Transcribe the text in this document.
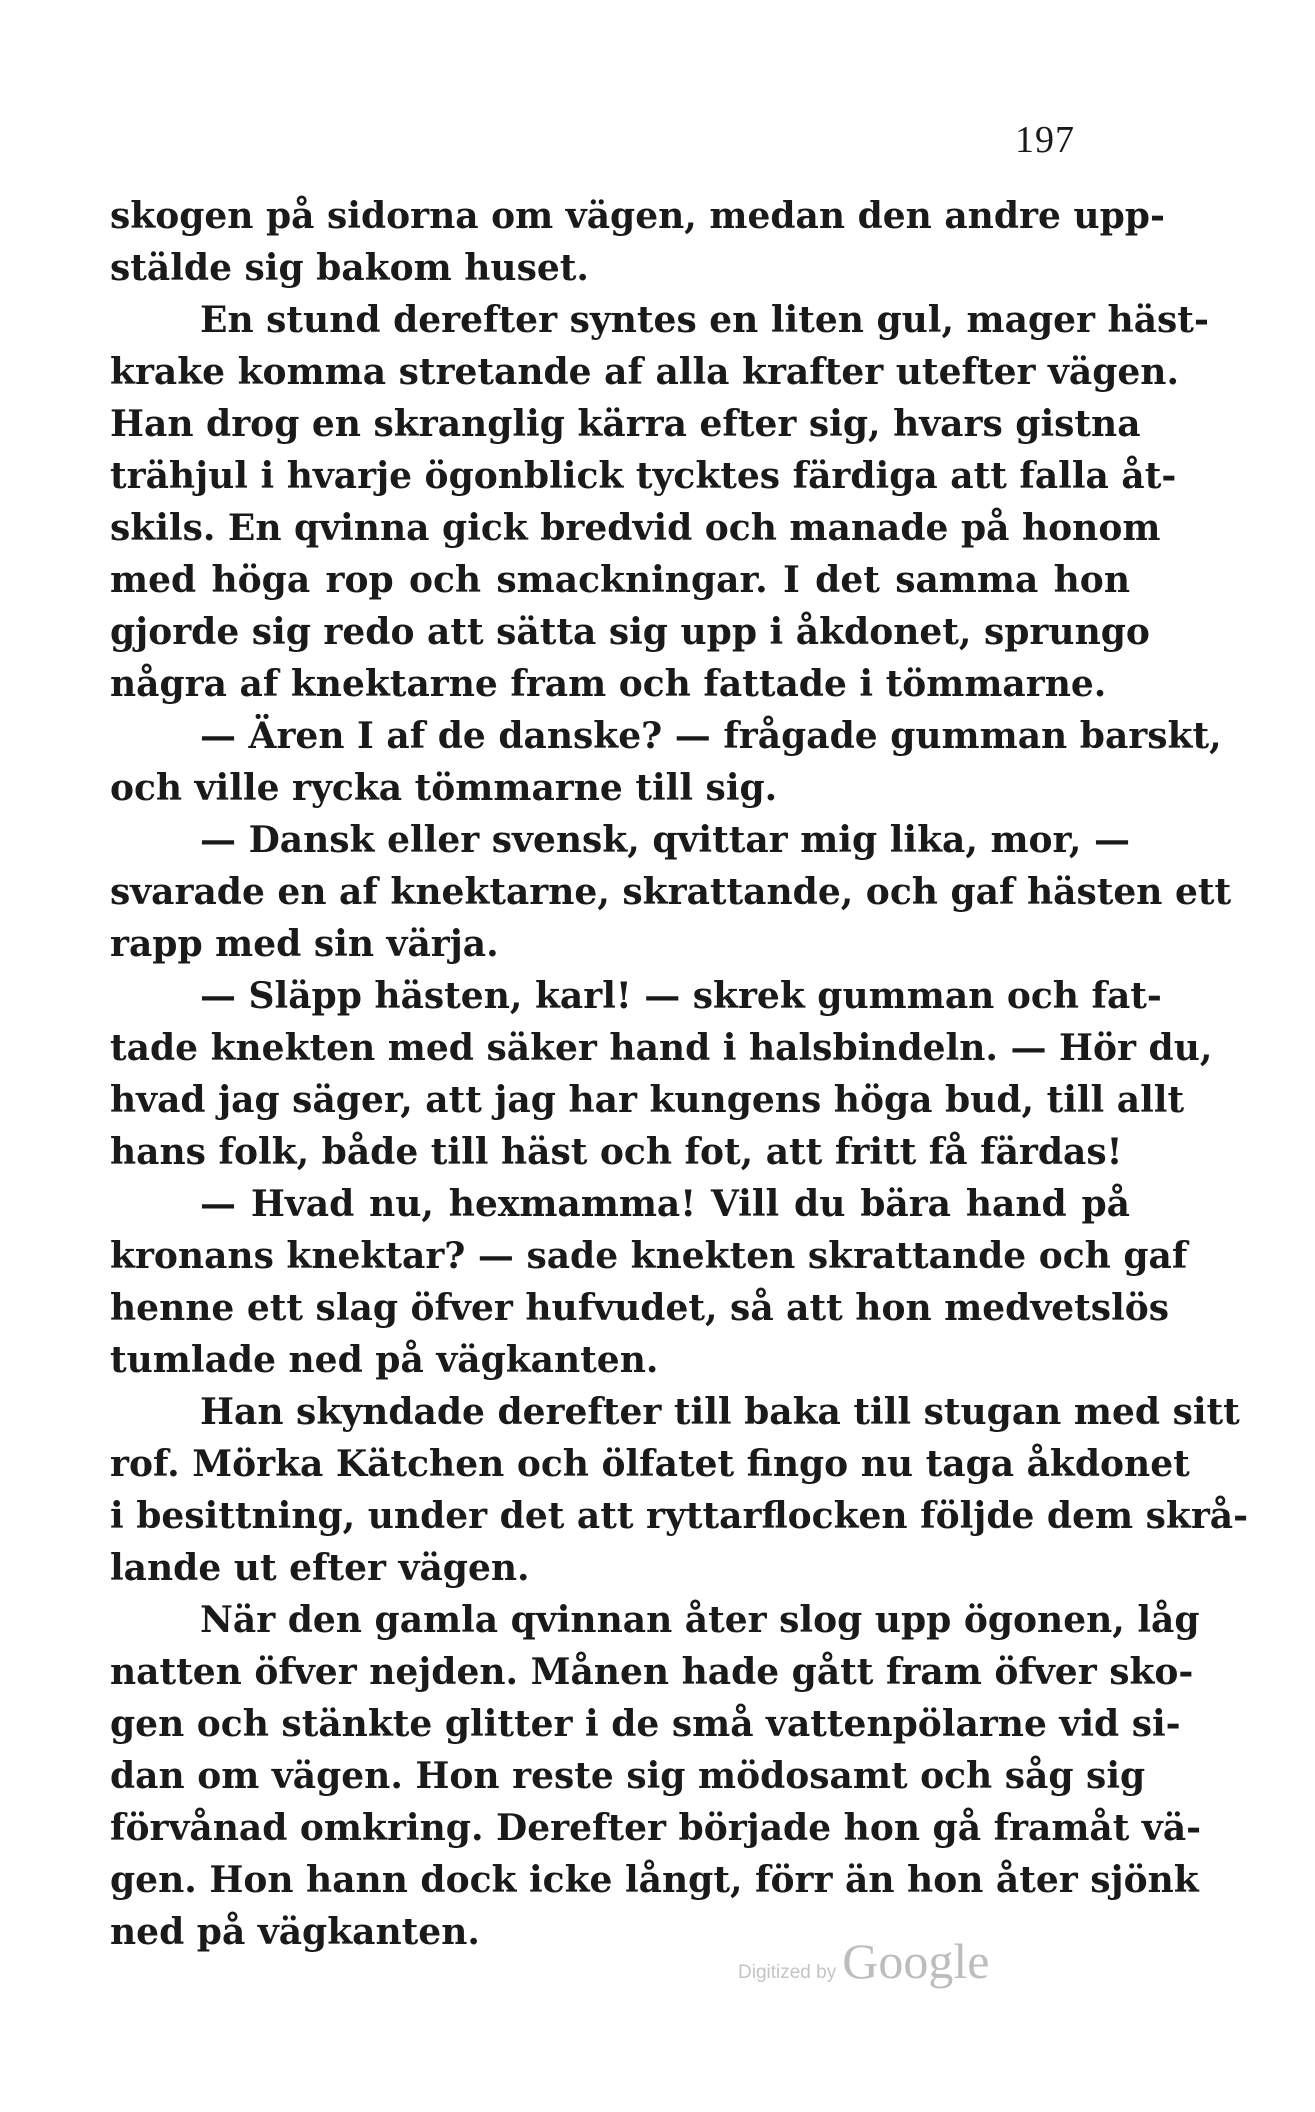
197
skogen på sidorna om vägen, medan den andre upp-
stälde sig bakom huset.
En stund derefter syntes en liten gul, mager häst-
krake komma stretande af alla krafter utefter vägen.
Han drog en skranglig kärra efter sig, hvars gistna
trähjul i hvarje ögonblick tycktes färdiga att falla åt-
skils. En qvinna gick bredvid och manade på honom
med höga rop och smackningar. I det samma hon
gjorde sig redo att sätta sig upp i åkdonet, sprungo
några af knektarne fram och fattade i tömmarne.
— Ären I af de danske? — frågade gumman barskt,
och ville rycka tömmarne till sig.
— Dansk eller svensk, qvittar mig lika, mor, —
svarade en af knektarne, skrattande, och gaf hästen ett
rapp med sin värja.
— Släpp hästen, karl! — skrek gumman och fat-
tade knekten med säker hand i halsbindeln. — Hör du,
hvad jag säger, att jag har kungens höga bud, till allt
hans folk, både till häst och fot, att fritt få färdas!
— Hvad nu, hexmamma! Vill du bära hand på
kronans knektar? — sade knekten skrattande och gaf
henne ett slag öfver hufvudet, så att hon medvetslös
tumlade ned på vägkanten.
Han skyndade derefter till baka till stugan med sitt
rof. Mörka Kätchen och ölfatet fingo nu taga åkdonet
i besittning, under det att ryttarflocken följde dem skrå-
lande ut efter vägen.
När den gamla qvinnan åter slog upp ögonen, låg
natten öfver nejden. Månen hade gått fram öfver sko-
gen och stänkte glitter i de små vattenpölarne vid si-
dan om vägen. Hon reste sig mödosamt och såg sig
förvånad omkring. Derefter började hon gå framåt vä-
gen. Hon hann dock icke långt, förr än hon åter sjönk
ned på vägkanten.
Digitized by Google
